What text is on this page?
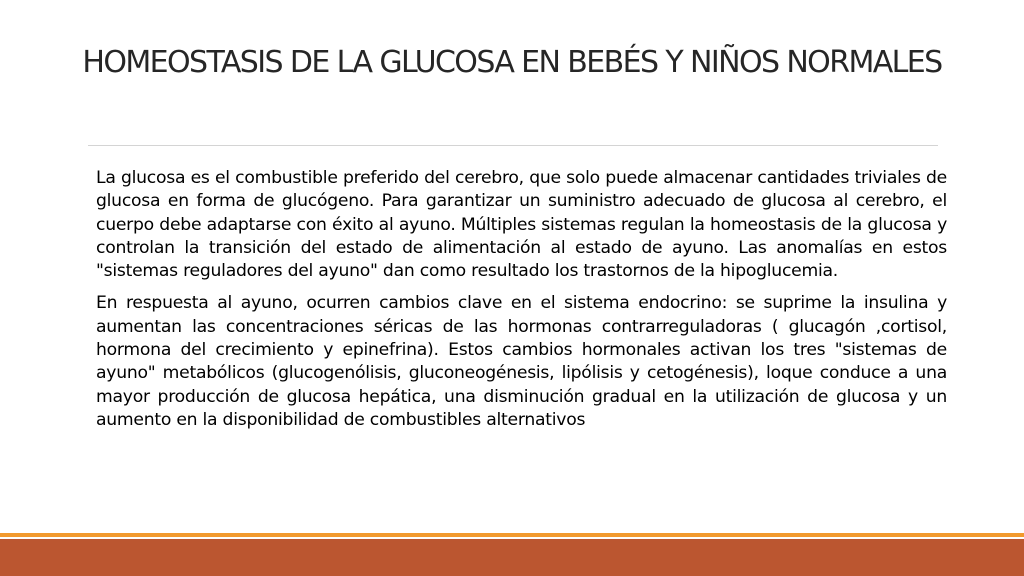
HOMEOSTASIS DE LA GLUCOSA EN BEBÉS Y NIÑOS NORMALES

La glucosa es el combustible preferido del cerebro, que solo puede almacenar cantidades triviales de glucosa en forma de glucógeno. Para garantizar un suministro adecuado de glucosa al cerebro, el cuerpo debe adaptarse con éxito al ayuno. Múltiples sistemas regulan la homeostasis de la glucosa y controlan la transición del estado de alimentación al estado de ayuno. Las anomalías en estos "sistemas reguladores del ayuno" dan como resultado los trastornos de la hipoglucemia.

En respuesta al ayuno, ocurren cambios clave en el sistema endocrino: se suprime la insulina y aumentan las concentraciones séricas de las hormonas contrarreguladoras ( glucagón ,cortisol, hormona del crecimiento y epinefrina). Estos cambios hormonales activan los tres "sistemas de ayuno" metabólicos (glucogenólisis, gluconeogénesis, lipólisis y cetogénesis), loque conduce a una mayor producción de glucosa hepática, una disminución gradual en la utilización de glucosa y un aumento en la disponibilidad de combustibles alternativos
